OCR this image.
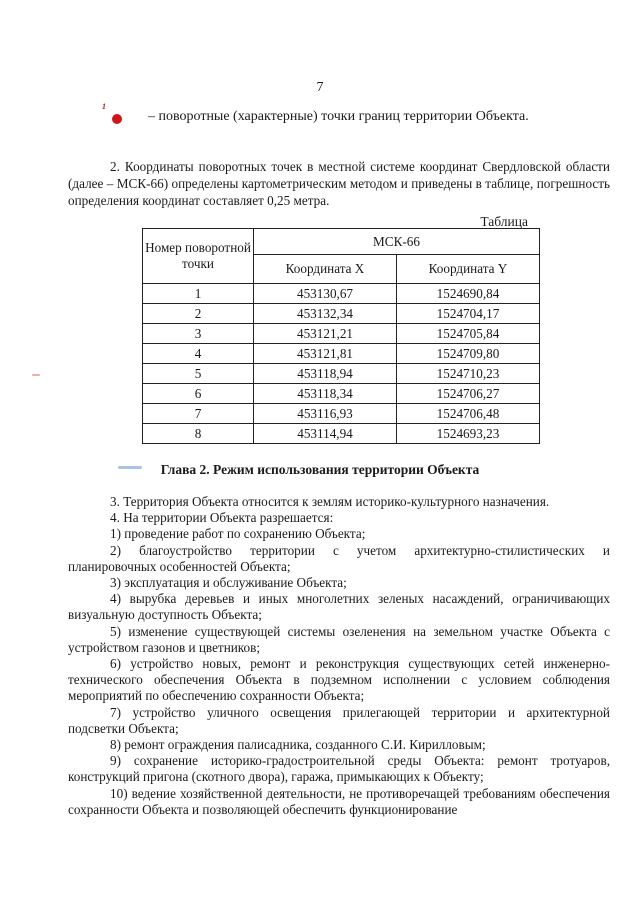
7
1
– поворотные (характерные) точки границ территории Объекта.

2. Координаты поворотных точек в местной системе координат Свердловской области (далее – МСК-66) определены картометрическим методом и приведены в таблице, погрешность определения координат составляет 0,25 метра.

Таблица
Номер поворотной точки	МСК-66	
	Координата X	Координата Y
1	453130,67	1524690,84
2	453132,34	1524704,17
3	453121,21	1524705,84
4	453121,81	1524709,80
5	453118,94	1524710,23
6	453118,34	1524706,27
7	453116,93	1524706,48
8	453114,94	1524693,23
Глава 2. Режим использования территории Объекта

3. Территория Объекта относится к землям историко-культурного назначения.

4. На территории Объекта разрешается:

1) проведение работ по сохранению Объекта;

2) благоустройство территории с учетом архитектурно-стилистических и планировочных особенностей Объекта;

3) эксплуатация и обслуживание Объекта;

4) вырубка деревьев и иных многолетних зеленых насаждений, ограничивающих визуальную доступность Объекта;

5) изменение существующей системы озеленения на земельном участке Объекта с устройством газонов и цветников;

6) устройство новых, ремонт и реконструкция существующих сетей инженерно-технического обеспечения Объекта в подземном исполнении с условием соблюдения мероприятий по обеспечению сохранности Объекта;

7) устройство уличного освещения прилегающей территории и архитектурной подсветки Объекта;

8) ремонт ограждения палисадника, созданного С.И. Кирилловым;

9) сохранение историко-градостроительной среды Объекта: ремонт тротуаров, конструкций пригона (скотного двора), гаража, примыкающих к Объекту;

10) ведение хозяйственной деятельности, не противоречащей требованиям обеспечения сохранности Объекта и позволяющей обеспечить функционирование
